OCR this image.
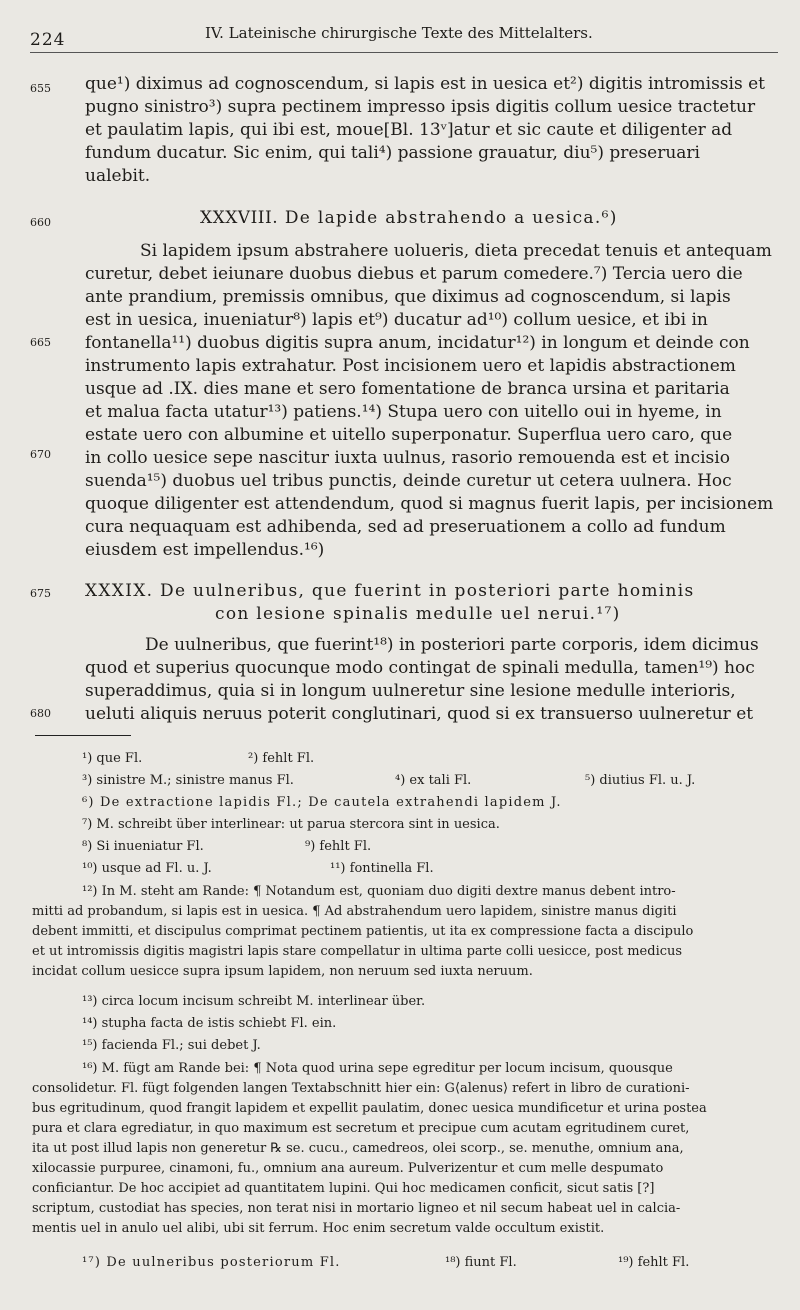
224	IV. Lateinische chirurgische Texte des Mittelalters.
655
660
665
670
675
680
que¹) diximus ad cognoscendum, si lapis est in uesica et²) digitis intromissis et
pugno sinistro³) supra pectinem impresso ipsis digitis collum uesice tractetur
et paulatim lapis, qui ibi est, moue[Bl. 13ᵛ]atur et sic caute et diligenter ad
fundum ducatur. Sic enim, qui tali⁴) passione grauatur, diu⁵) preseruari
ualebit.
XXXVIII. De lapide abstrahendo a uesica.⁶)
Si lapidem ipsum abstrahere uolueris, dieta precedat tenuis et antequam
curetur, debet ieiunare duobus diebus et parum comedere.⁷) Tercia uero die
ante prandium, premissis omnibus, que diximus ad cognoscendum, si lapis
est in uesica, inueniatur⁸) lapis et⁹) ducatur ad¹⁰) collum uesice, et ibi in
fontanella¹¹) duobus digitis supra anum, incidatur¹²) in longum et deinde con
instrumento lapis extrahatur. Post incisionem uero et lapidis abstractionem
usque ad .IX. dies mane et sero fomentatione de branca ursina et paritaria
et malua facta utatur¹³) patiens.¹⁴) Stupa uero con uitello oui in hyeme, in
estate uero con albumine et uitello superponatur. Superflua uero caro, que
in collo uesice sepe nascitur iuxta uulnus, rasorio remouenda est et incisio
suenda¹⁵) duobus uel tribus punctis, deinde curetur ut cetera uulnera. Hoc
quoque diligenter est attendendum, quod si magnus fuerit lapis, per incisionem
cura nequaquam est adhibenda, sed ad preseruationem a collo ad fundum
eiusdem est impellendus.¹⁶)
XXXIX. De uulneribus, que fuerint in posteriori parte hominis
con lesione spinalis medulle uel nerui.¹⁷)
De uulneribus, que fuerint¹⁸) in posteriori parte corporis, idem dicimus
quod et superius quocunque modo contingat de spinali medulla, tamen¹⁹) hoc
superaddimus, quia si in longum uulneretur sine lesione medulle interioris,
ueluti aliquis neruus poterit conglutinari, quod si ex transuerso uulneretur et
¹) que Fl.	²) fehlt Fl.
³) sinistre M.; sinistre manus Fl.	⁴) ex tali Fl.	⁵) diutius Fl. u. J.
⁶) De extractione lapidis Fl.; De cautela extrahendi lapidem J.
⁷) M. schreibt über interlinear: ut parua stercora sint in uesica.
⁸) Si inueniatur Fl.	⁹) fehlt Fl.
¹⁰) usque ad Fl. u. J.	¹¹) fontinella Fl.
¹²) In M. steht am Rande: ¶ Notandum est, quoniam duo digiti dextre manus debent intro-
mitti ad probandum, si lapis est in uesica. ¶ Ad abstrahendum uero lapidem, sinistre manus digiti
debent immitti, et discipulus comprimat pectinem patientis, ut ita ex compressione facta a discipulo
et ut intromissis digitis magistri lapis stare compellatur in ultima parte colli uesicce, post medicus
incidat collum uesicce supra ipsum lapidem, non neruum sed iuxta neruum.
¹³) circa locum incisum schreibt M. interlinear über.
¹⁴) stupha facta de istis schiebt Fl. ein.
¹⁵) facienda Fl.; sui debet J.
¹⁶) M. fügt am Rande bei: ¶ Nota quod urina sepe egreditur per locum incisum, quousque
consolidetur. Fl. fügt folgenden langen Textabschnitt hier ein: G⟨alenus⟩ refert in libro de curationi-
bus egritudinum, quod frangit lapidem et expellit paulatim, donec uesica mundificetur et urina postea
pura et clara egrediatur, in quo maximum est secretum et precipue cum acutam egritudinem curet,
ita ut post illud lapis non generetur ℞ se. cucu., camedreos, olei scorp., se. menuthe, omnium ana,
xilocassie purpuree, cinamoni, fu., omnium ana aureum. Pulverizentur et cum melle despumato
conficiantur. De hoc accipiet ad quantitatem lupini. Qui hoc medicamen conficit, sicut satis [?]
scriptum, custodiat has species, non terat nisi in mortario ligneo et nil secum habeat uel in calcia-
mentis uel in anulo uel alibi, ubi sit ferrum. Hoc enim secretum valde occultum existit.
¹⁷) De uulneribus posteriorum Fl.	¹⁸) fiunt Fl.	¹⁹) fehlt Fl.
